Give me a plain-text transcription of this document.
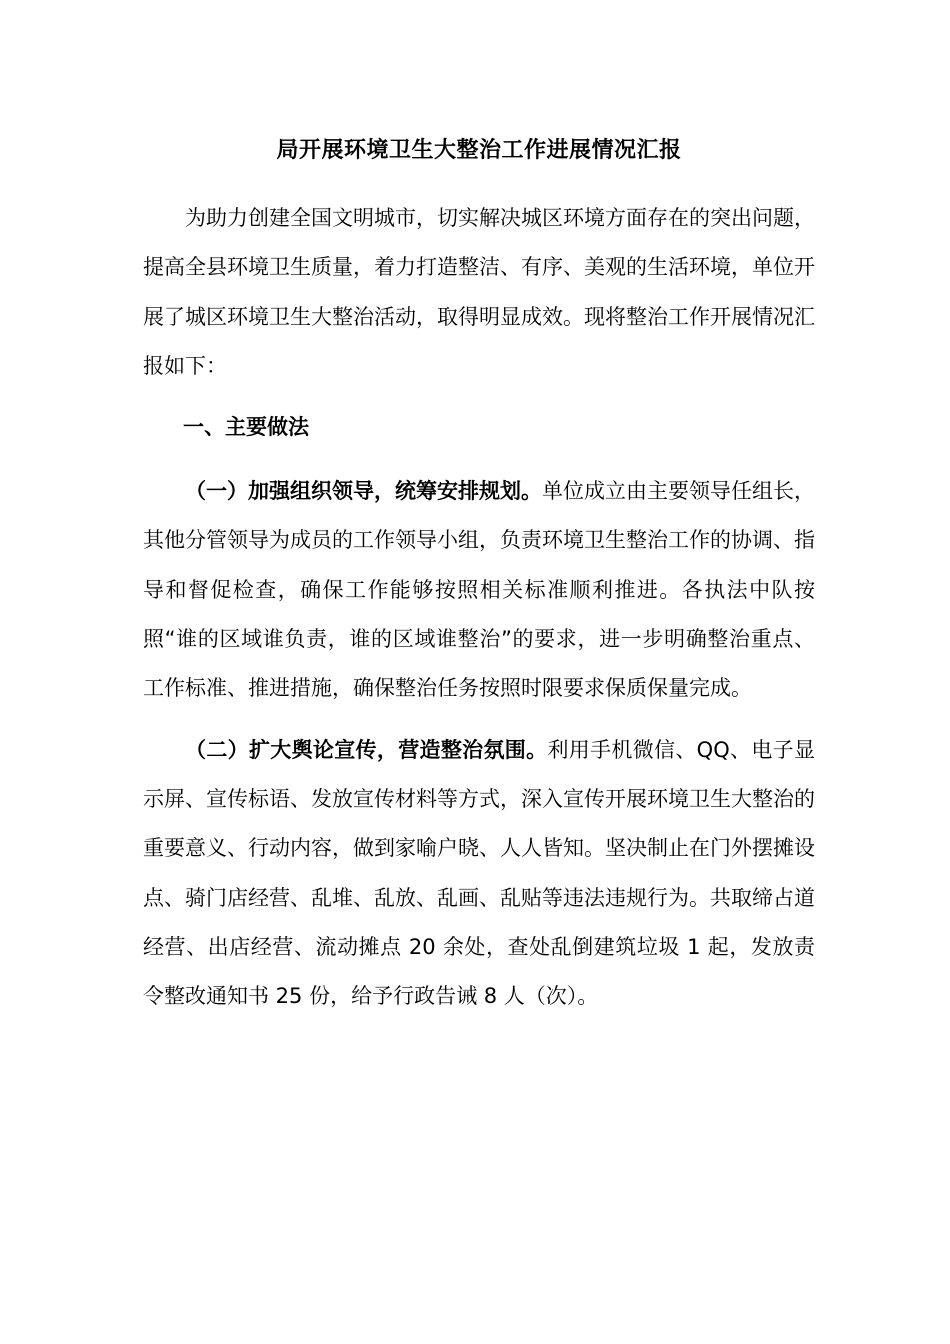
局开展环境卫生大整治工作进展情况汇报

为助力创建全国文明城市，切实解决城区环境方面存在的突出问题，提高全县环境卫生质量，着力打造整洁、有序、美观的生活环境，单位开展了城区环境卫生大整治活动，取得明显成效。现将整治工作开展情况汇报如下：

一、主要做法

（一）加强组织领导，统筹安排规划。单位成立由主要领导任组长，其他分管领导为成员的工作领导小组，负责环境卫生整治工作的协调、指导和督促检查，确保工作能够按照相关标准顺利推进。各执法中队按照“谁的区域谁负责，谁的区域谁整治”的要求，进一步明确整治重点、工作标准、推进措施，确保整治任务按照时限要求保质保量完成。

（二）扩大舆论宣传，营造整治氛围。利用手机微信、QQ、电子显示屏、宣传标语、发放宣传材料等方式，深入宣传开展环境卫生大整治的重要意义、行动内容，做到家喻户晓、人人皆知。坚决制止在门外摆摊设点、骑门店经营、乱堆、乱放、乱画、乱贴等违法违规行为。共取缔占道经营、出店经营、流动摊点 20 余处，查处乱倒建筑垃圾 1 起，发放责令整改通知书 25 份，给予行政告诫 8 人（次）。
